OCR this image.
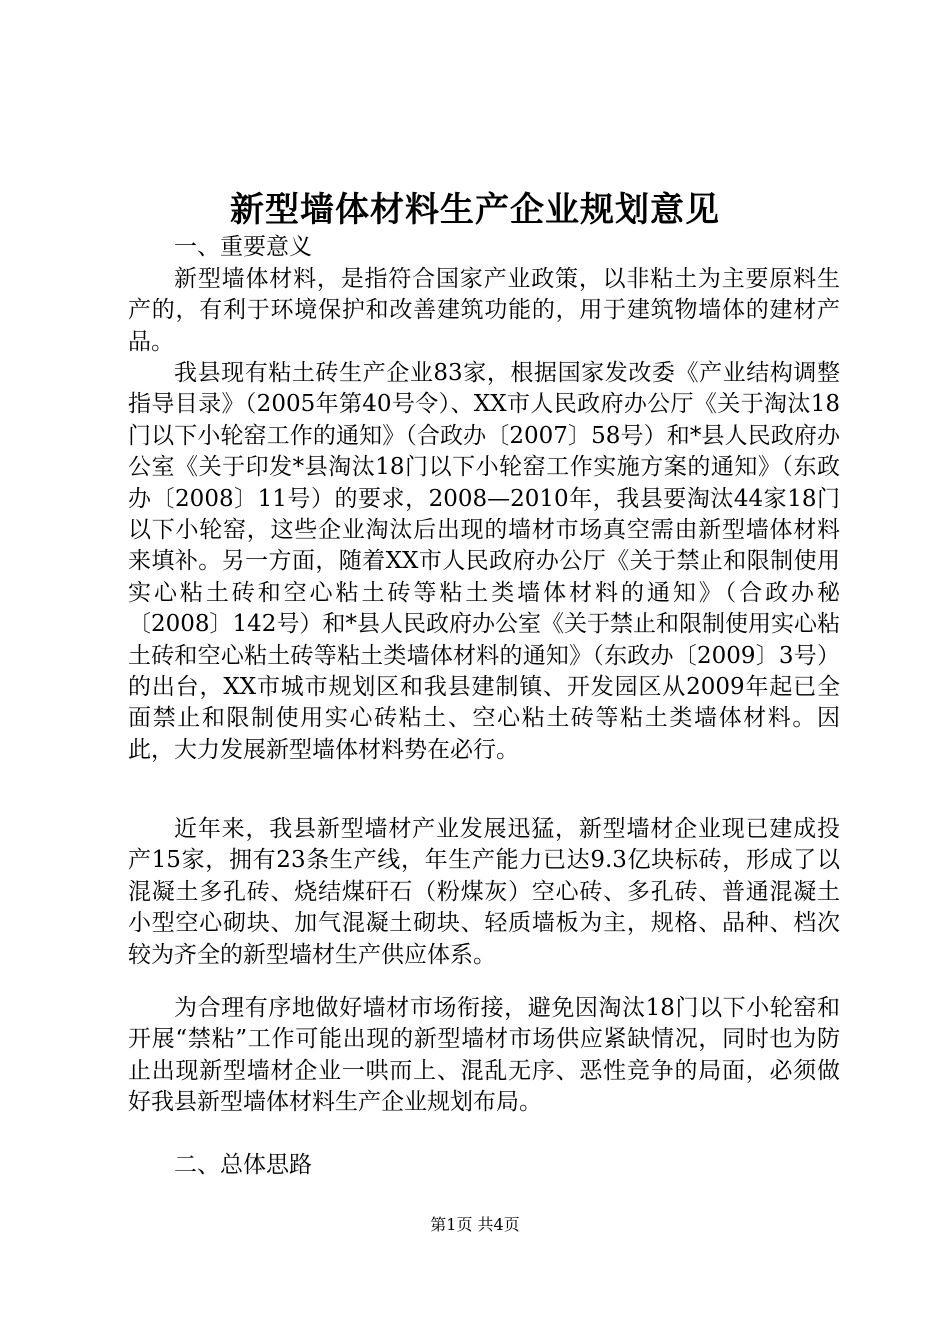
新型墙体材料生产企业规划意见
一、重要意义

新型墙体材料，是指符合国家产业政策，以非粘土为主要原料生产的，有利于环境保护和改善建筑功能的，用于建筑物墙体的建材产品。

我县现有粘土砖生产企业83家，根据国家发改委《产业结构调整指导目录》（2005年第40号令）、XX市人民政府办公厅《关于淘汰18门以下小轮窑工作的通知》（合政办〔2007〕58号）和*县人民政府办公室《关于印发*县淘汰18门以下小轮窑工作实施方案的通知》（东政办〔2008〕11号）的要求，2008—2010年，我县要淘汰44家18门以下小轮窑，这些企业淘汰后出现的墙材市场真空需由新型墙体材料来填补。另一方面，随着XX市人民政府办公厅《关于禁止和限制使用实心粘土砖和空心粘土砖等粘土类墙体材料的通知》（合政办秘〔2008〕142号）和*县人民政府办公室《关于禁止和限制使用实心粘土砖和空心粘土砖等粘土类墙体材料的通知》（东政办〔2009〕3号）的出台，XX市城市规划区和我县建制镇、开发园区从2009年起已全面禁止和限制使用实心砖粘土、空心粘土砖等粘土类墙体材料。因此，大力发展新型墙体材料势在必行。

近年来，我县新型墙材产业发展迅猛，新型墙材企业现已建成投产15家，拥有23条生产线，年生产能力已达9.3亿块标砖，形成了以混凝土多孔砖、烧结煤矸石（粉煤灰）空心砖、多孔砖、普通混凝土小型空心砌块、加气混凝土砌块、轻质墙板为主，规格、品种、档次较为齐全的新型墙材生产供应体系。

为合理有序地做好墙材市场衔接，避免因淘汰18门以下小轮窑和开展“禁粘”工作可能出现的新型墙材市场供应紧缺情况，同时也为防止出现新型墙材企业一哄而上、混乱无序、恶性竞争的局面，必须做好我县新型墙体材料生产企业规划布局。

二、总体思路
第1页 共4页
